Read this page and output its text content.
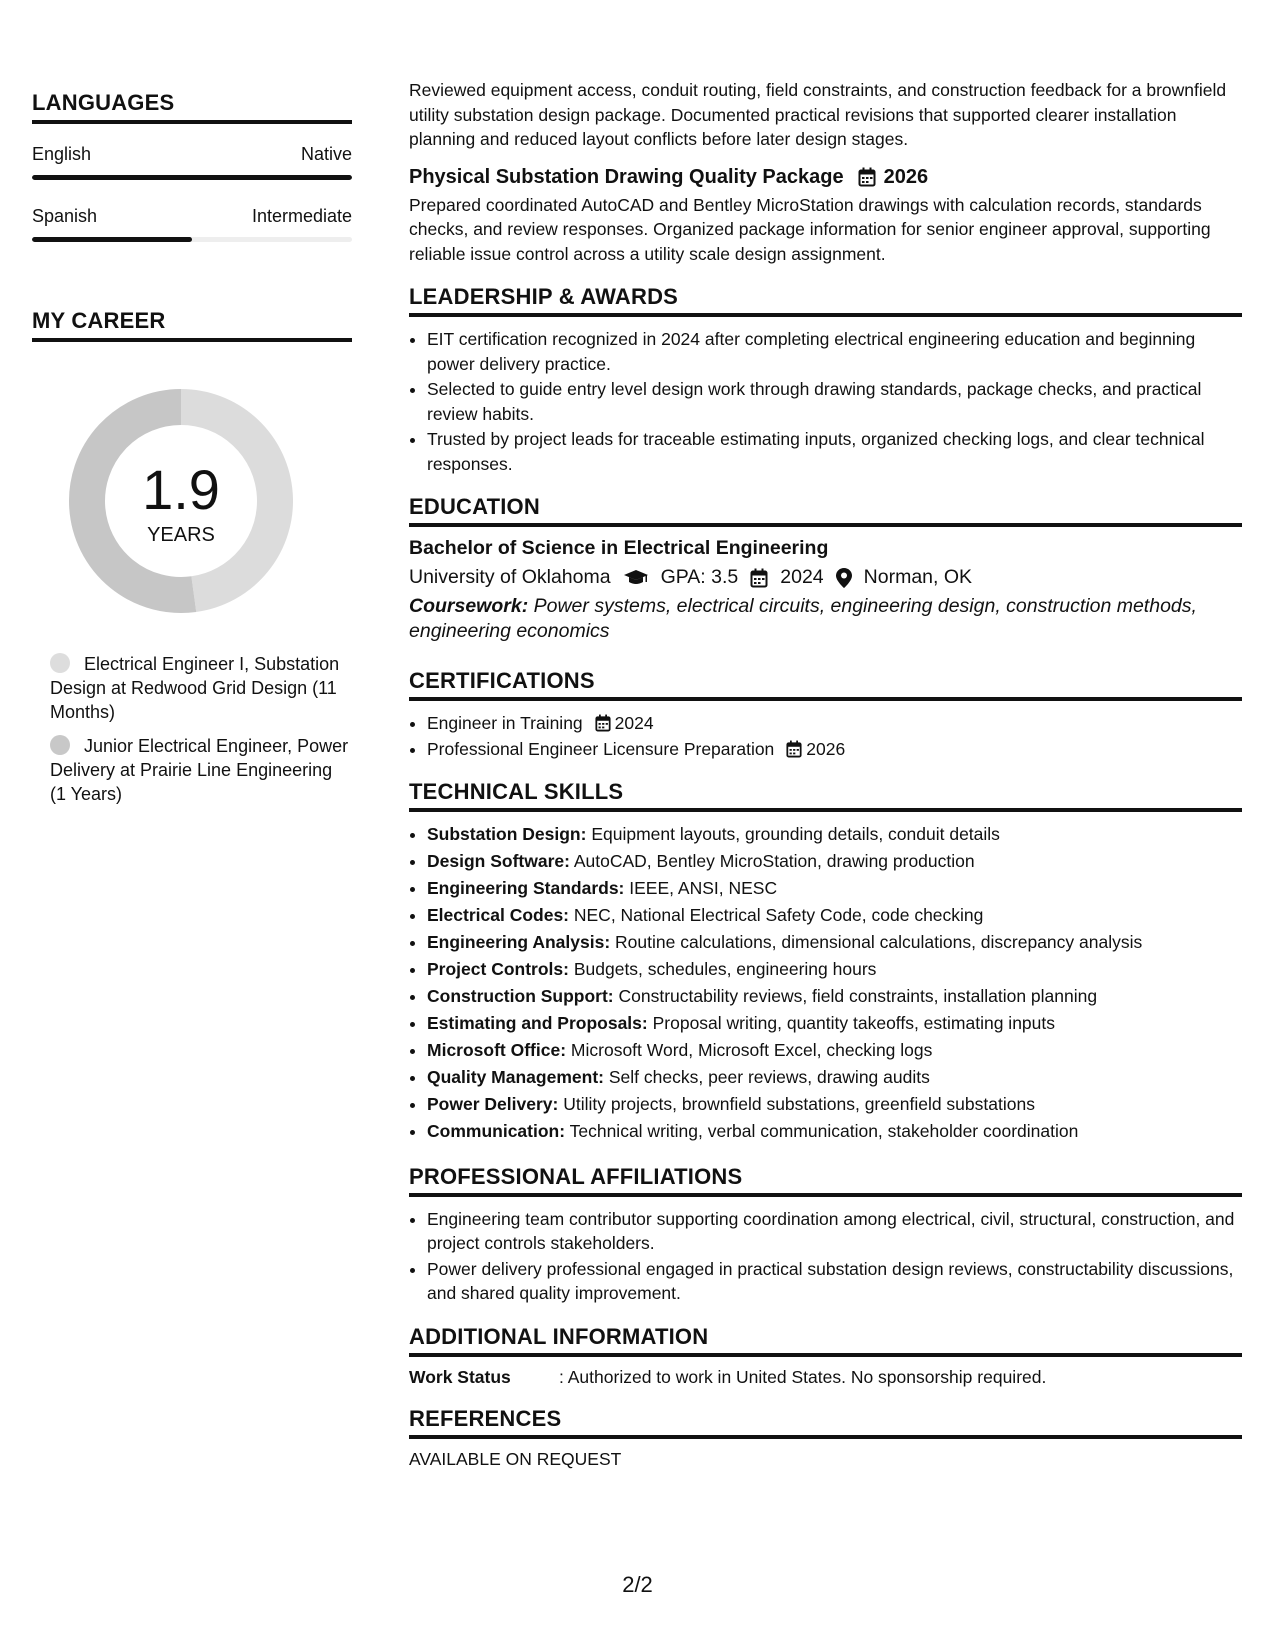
LANGUAGES
English	Native
Spanish	Intermediate
MY CAREER
1.9
YEARS
Electrical Engineer I, Substation Design at Redwood Grid Design (11 Months)
Junior Electrical Engineer, Power Delivery at Prairie Line Engineering (1 Years)

Reviewed equipment access, conduit routing, field constraints, and construction feedback for a brownfield utility substation design package. Documented practical revisions that supported clearer installation planning and reduced layout conflicts before later design stages.

Physical Substation Drawing Quality Package 2026

Prepared coordinated AutoCAD and Bentley MicroStation drawings with calculation records, standards checks, and review responses. Organized package information for senior engineer approval, supporting reliable issue control across a utility scale design assignment.

LEADERSHIP & AWARDS
• EIT certification recognized in 2024 after completing electrical engineering education and beginning power delivery practice.
• Selected to guide entry level design work through drawing standards, package checks, and practical review habits.
• Trusted by project leads for traceable estimating inputs, organized checking logs, and clear technical responses.
EDUCATION
Bachelor of Science in Electrical Engineering
University of Oklahoma	GPA: 3.5 2024 Norman, OK
Coursework: Power systems, electrical circuits, engineering design, construction methods, engineering economics
CERTIFICATIONS
• Engineer in Training 2024
• Professional Engineer Licensure Preparation 2026
TECHNICAL SKILLS
• Substation Design: Equipment layouts, grounding details, conduit details
• Design Software: AutoCAD, Bentley MicroStation, drawing production
• Engineering Standards: IEEE, ANSI, NESC
• Electrical Codes: NEC, National Electrical Safety Code, code checking
• Engineering Analysis: Routine calculations, dimensional calculations, discrepancy analysis
• Project Controls: Budgets, schedules, engineering hours
• Construction Support: Constructability reviews, field constraints, installation planning
• Estimating and Proposals: Proposal writing, quantity takeoffs, estimating inputs
• Microsoft Office: Microsoft Word, Microsoft Excel, checking logs
• Quality Management: Self checks, peer reviews, drawing audits
• Power Delivery: Utility projects, brownfield substations, greenfield substations
• Communication: Technical writing, verbal communication, stakeholder coordination
PROFESSIONAL AFFILIATIONS
• Engineering team contributor supporting coordination among electrical, civil, structural, construction, and project controls stakeholders.
• Power delivery professional engaged in practical substation design reviews, constructability discussions, and shared quality improvement.
ADDITIONAL INFORMATION
Work Status	: Authorized to work in United States. No sponsorship required.
REFERENCES
AVAILABLE ON REQUEST
2/2
